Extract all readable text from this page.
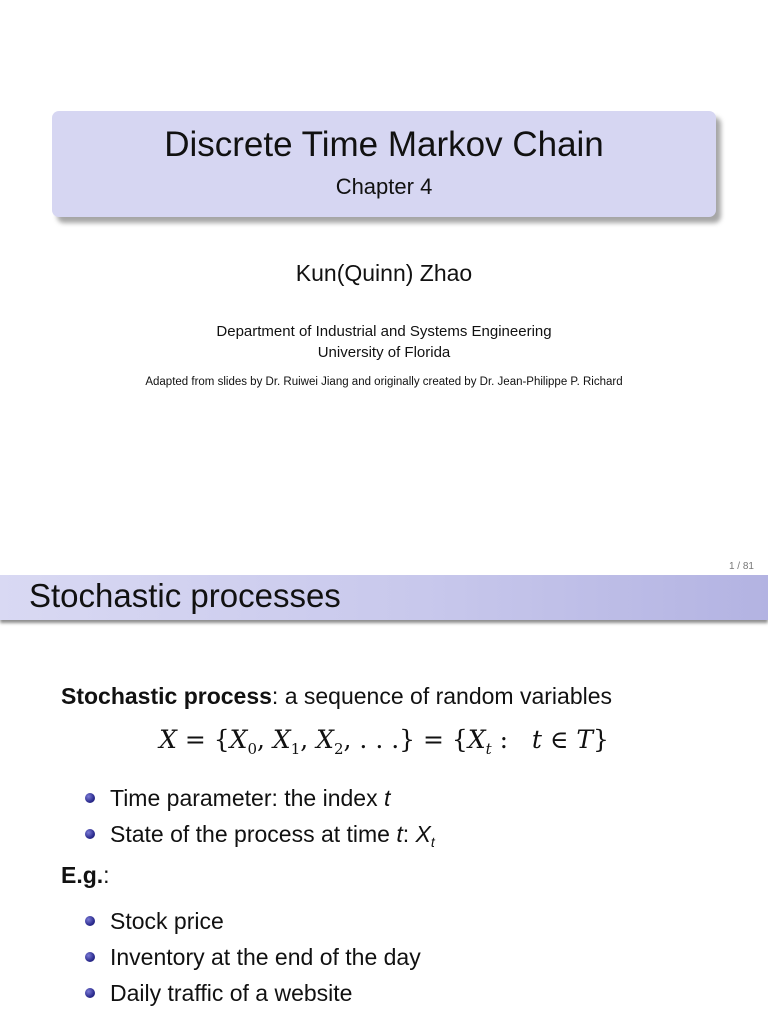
Discrete Time Markov Chain
Chapter 4
Kun(Quinn) Zhao
Department of Industrial and Systems Engineering
University of Florida
Adapted from slides by Dr. Ruiwei Jiang and originally created by Dr. Jean-Philippe P. Richard
1 / 81
Stochastic processes
Stochastic process: a sequence of random variables
$X = \{X_0$, $X_1$, $X_2$, . . .} = {$X_t$ :   t ∈ T}
Time parameter: the index t
State of the process at time t: $X_t$
E.g.:
Stock price
Inventory at the end of the day
Daily traffic of a website
